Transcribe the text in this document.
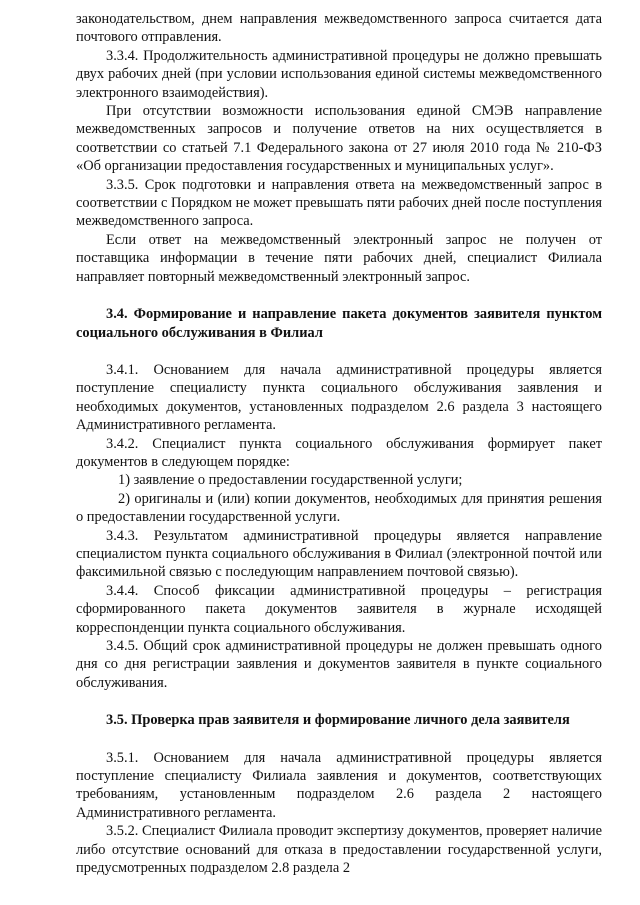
законодательством, днем направления межведомственного запроса считается дата почтового отправления.

3.3.4. Продолжительность административной процедуры не должно превышать двух рабочих дней (при условии использования единой системы межведомственного электронного взаимодействия).

При отсутствии возможности использования единой СМЭВ направление межведомственных запросов и получение ответов на них осуществляется в соответствии со статьей 7.1 Федерального закона от 27 июля 2010 года № 210-ФЗ «Об организации предоставления государственных и муниципальных услуг».

3.3.5. Срок подготовки и направления ответа на межведомственный запрос в соответствии с Порядком не может превышать пяти рабочих дней после поступления межведомственного запроса.

Если ответ на межведомственный электронный запрос не получен от поставщика информации в течение пяти рабочих дней, специалист Филиала направляет повторный межведомственный электронный запрос.

3.4. Формирование и направление пакета документов заявителя пунктом социального обслуживания в Филиал

3.4.1. Основанием для начала административной процедуры является поступление специалисту пункта социального обслуживания заявления и необходимых документов, установленных подразделом 2.6 раздела 3 настоящего Административного регламента.

3.4.2. Специалист пункта социального обслуживания формирует пакет документов в следующем порядке:

1) заявление о предоставлении государственной услуги;

2) оригиналы и (или) копии документов, необходимых для принятия решения о предоставлении государственной услуги.

3.4.3. Результатом административной процедуры является направление специалистом пункта социального обслуживания в Филиал (электронной почтой или факсимильной связью с последующим направлением почтовой связью).

3.4.4. Способ фиксации административной процедуры – регистрация сформированного пакета документов заявителя в журнале исходящей корреспонденции пункта социального обслуживания.

3.4.5. Общий срок административной процедуры не должен превышать одного дня со дня регистрации заявления и документов заявителя в пункте социального обслуживания.

3.5. Проверка прав заявителя и формирование личного дела заявителя

3.5.1. Основанием для начала административной процедуры является поступление специалисту Филиала заявления и документов, соответствующих требованиям, установленным подразделом 2.6 раздела 2 настоящего Административного регламента.

3.5.2. Специалист Филиала проводит экспертизу документов, проверяет наличие либо отсутствие оснований для отказа в предоставлении государственной услуги, предусмотренных подразделом 2.8 раздела 2
